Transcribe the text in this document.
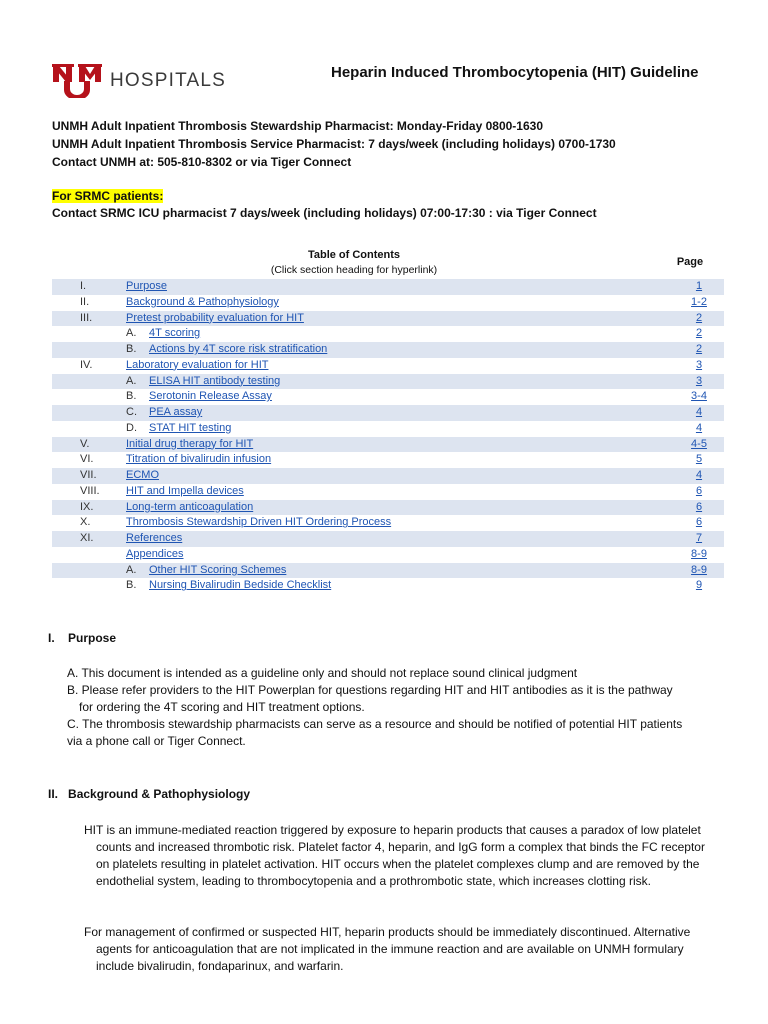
HOSPITALS	Heparin Induced Thrombocytopenia (HIT) Guideline
UNMH Adult Inpatient Thrombosis Stewardship Pharmacist: Monday-Friday 0800-1630
UNMH Adult Inpatient Thrombosis Service Pharmacist: 7 days/week (including holidays) 0700-1730
Contact UNMH at: 505-810-8302 or via Tiger Connect
For SRMC patients:
Contact SRMC ICU pharmacist 7 days/week (including holidays) 07:00-17:30 : via Tiger Connect
Table of Contents
(Click section heading for hyperlink)
Page
I.	Purpose	1
II.	Background & Pathophysiology	1-2
III.	Pretest probability evaluation for HIT	2
A. 4T scoring	2
B. Actions by 4T score risk stratification	2
IV.	Laboratory evaluation for HIT	3
A. ELISA HIT antibody testing	3
B. Serotonin Release Assay	3-4
C. PEA assay	4
D. STAT HIT testing	4
V.	Initial drug therapy for HIT	4-5
VI.	Titration of bivalirudin infusion	5
VII.	ECMO	4
VIII. HIT and Impella devices	6
IX.	Long-term anticoagulation	6
X.	Thrombosis Stewardship Driven HIT Ordering Process	6
XI.	References	7
Appendices	8-9
A. Other HIT Scoring Schemes	8-9
B. Nursing Bivalirudin Bedside Checklist	9
I. Purpose

A. This document is intended as a guideline only and should not replace sound clinical judgment

B. Please refer providers to the HIT Powerplan for questions regarding HIT and HIT antibodies as it is the pathway for ordering the 4T scoring and HIT treatment options.

C. The thrombosis stewardship pharmacists can serve as a resource and should be notified of potential HIT patients via a phone call or Tiger Connect.

II. Background & Pathophysiology

HIT is an immune-mediated reaction triggered by exposure to heparin products that causes a paradox of low platelet counts and increased thrombotic risk. Platelet factor 4, heparin, and IgG form a complex that binds the FC receptor on platelets resulting in platelet activation. HIT occurs when the platelet complexes clump and are removed by the endothelial system, leading to thrombocytopenia and a prothrombotic state, which increases clotting risk.

For management of confirmed or suspected HIT, heparin products should be immediately discontinued. Alternative agents for anticoagulation that are not implicated in the immune reaction and are available on UNMH formulary include bivalirudin, fondaparinux, and warfarin.
